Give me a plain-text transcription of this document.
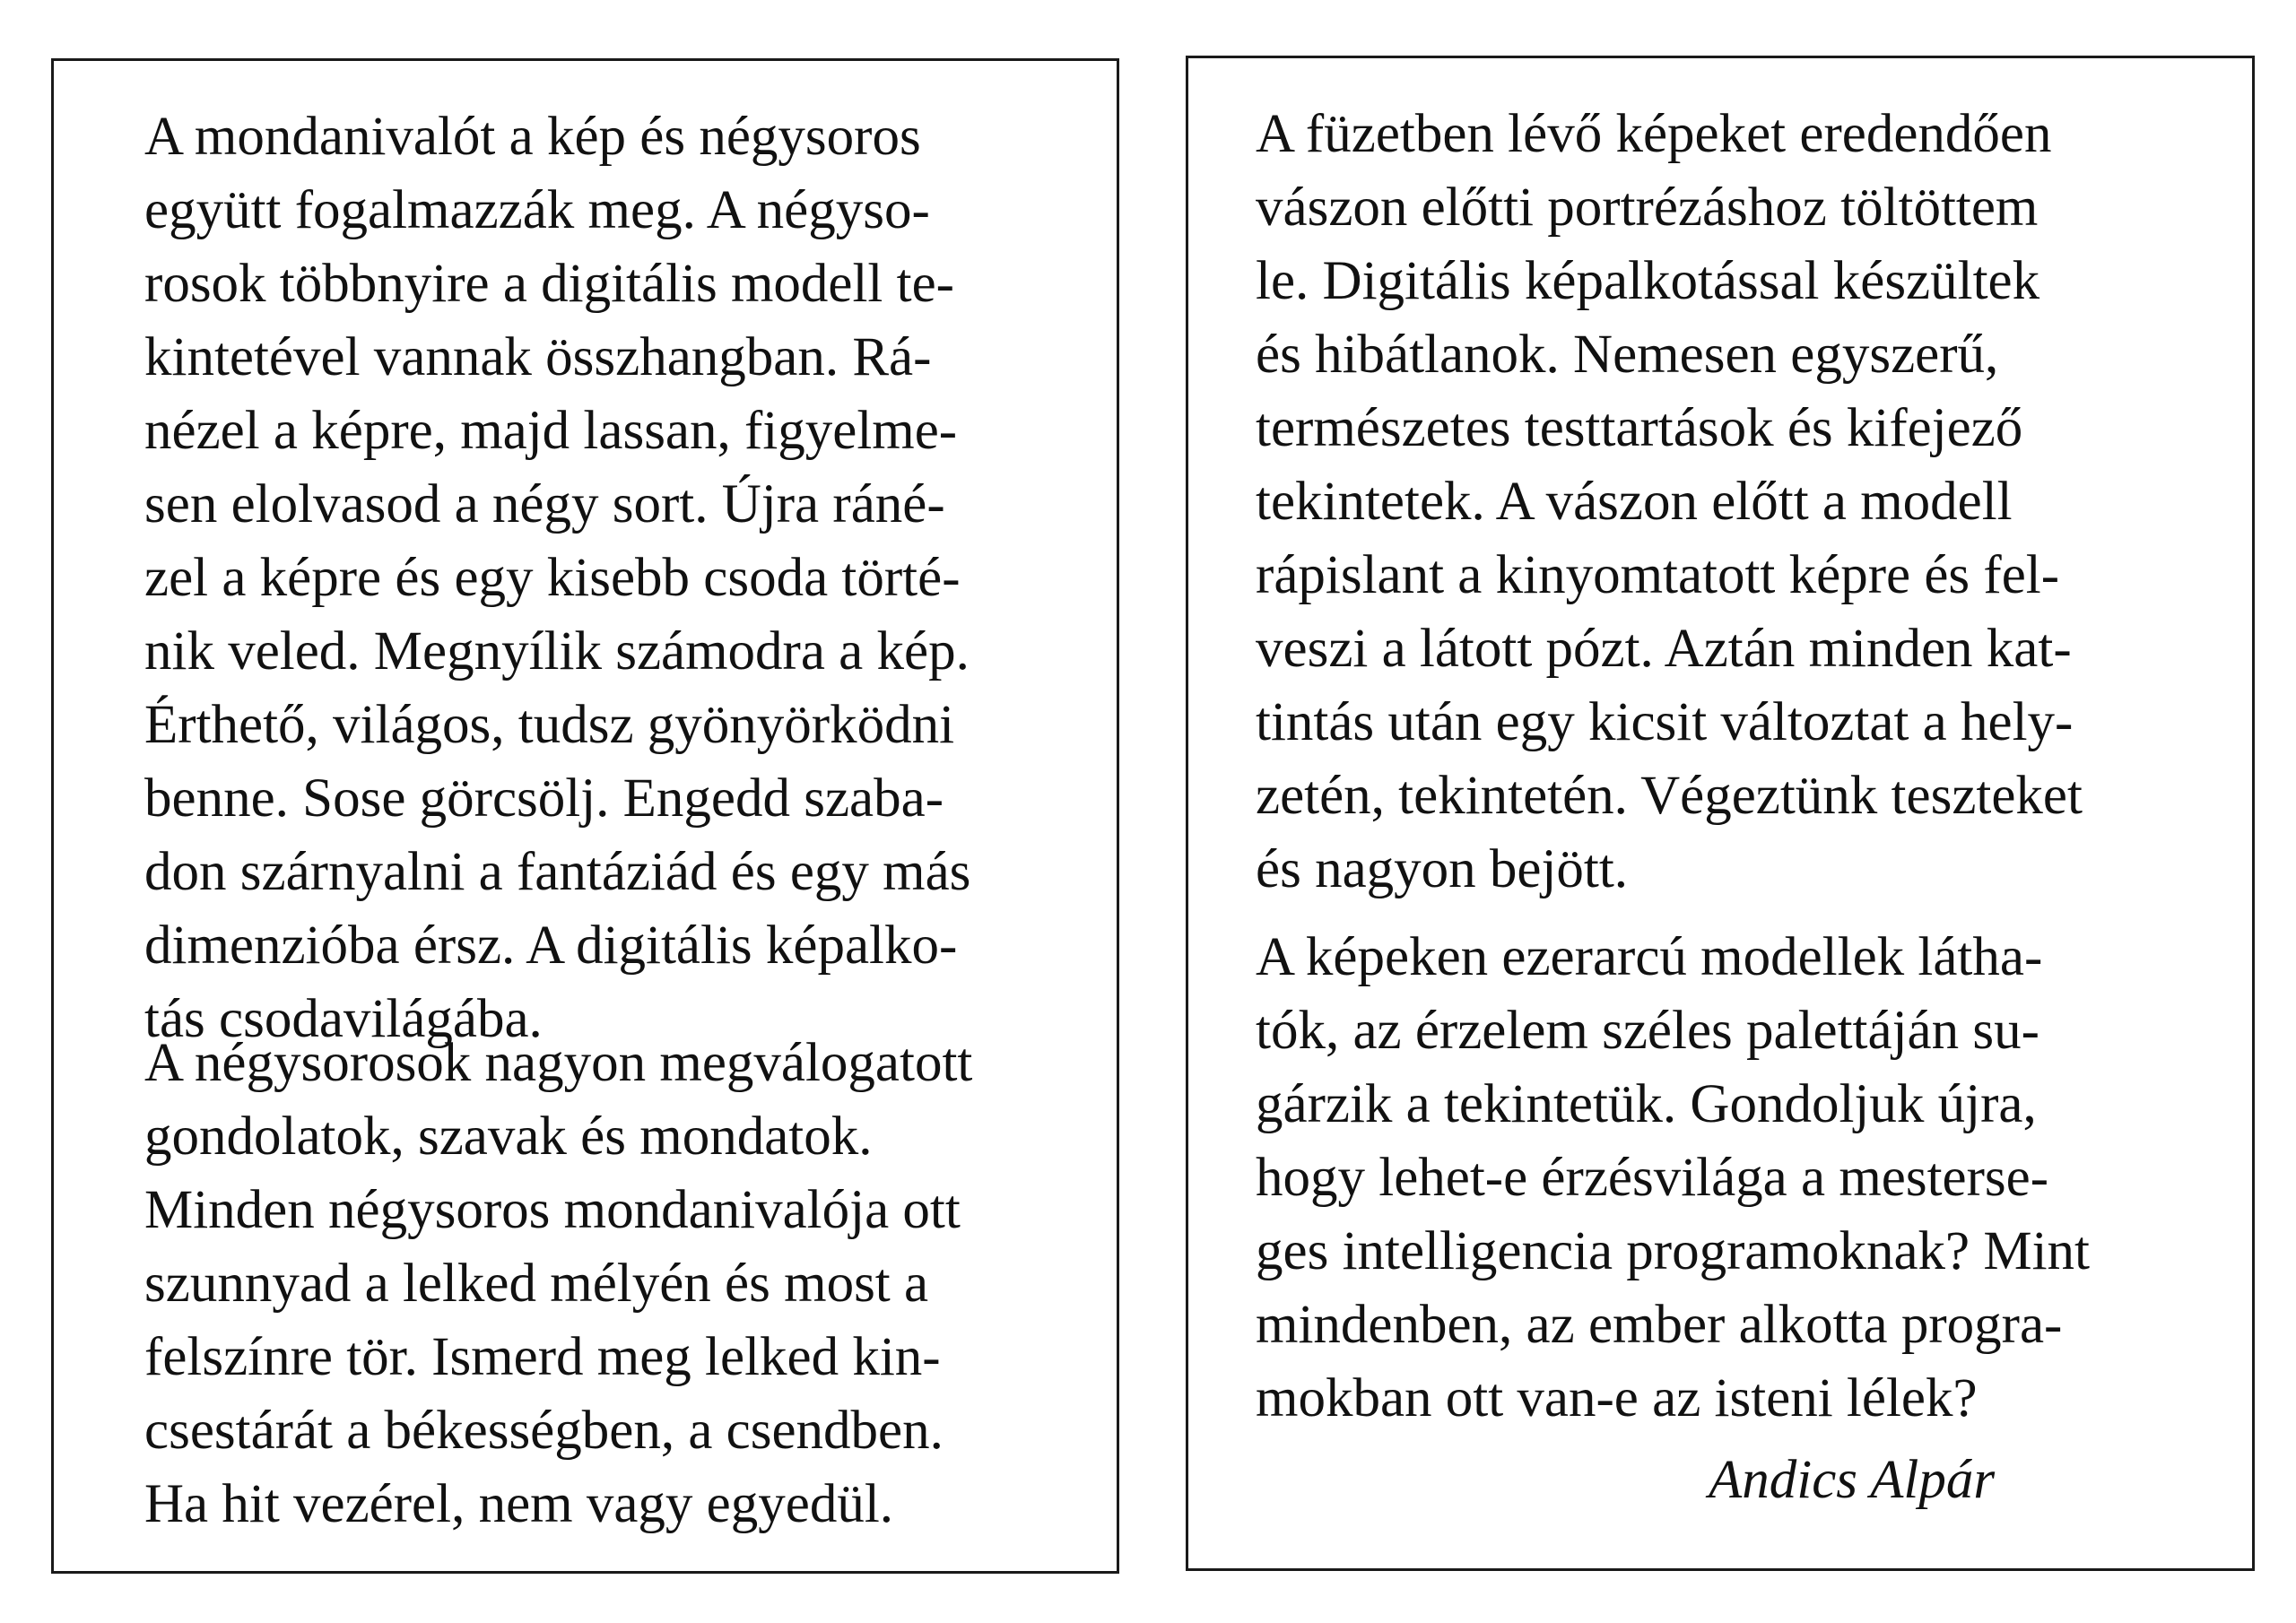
A mondanivalót a kép és négysoros
együtt fogalmazzák meg. A négyso-
rosok többnyire a digitális modell te-
kintetével vannak összhangban. Rá-
nézel a képre, majd lassan, figyelme-
sen elolvasod a négy sort. Újra ráné-
zel a képre és egy kisebb csoda törté-
nik veled. Megnyílik számodra a kép.
Érthető, világos, tudsz gyönyörködni
benne. Sose görcsölj. Engedd szaba-
don szárnyalni a fantáziád és egy más
dimenzióba érsz. A digitális képalko-
tás csodavilágába.
A négysorosok nagyon megválogatott
gondolatok, szavak és mondatok.
Minden négysoros mondanivalója ott
szunnyad a lelked mélyén és most a
felszínre tör. Ismerd meg lelked kin-
csestárát a békességben, a csendben.
Ha hit vezérel, nem vagy egyedül.
A füzetben lévő képeket eredendően
vászon előtti portrézáshoz töltöttem
le. Digitális képalkotással készültek
és hibátlanok. Nemesen egyszerű,
természetes testtartások és kifejező
tekintetek. A vászon előtt a modell
rápislant a kinyomtatott képre és fel-
veszi a látott pózt. Aztán minden kat-
tintás után egy kicsit változtat a hely-
zetén, tekintetén. Végeztünk teszteket
és nagyon bejött.
A képeken ezerarcú modellek látha-
tók, az érzelem széles palettáján su-
gárzik a tekintetük. Gondoljuk újra,
hogy lehet-e érzésvilága a mesterse-
ges intelligencia programoknak? Mint
mindenben, az ember alkotta progra-
mokban ott van-e az isteni lélek?
Andics Alpár
